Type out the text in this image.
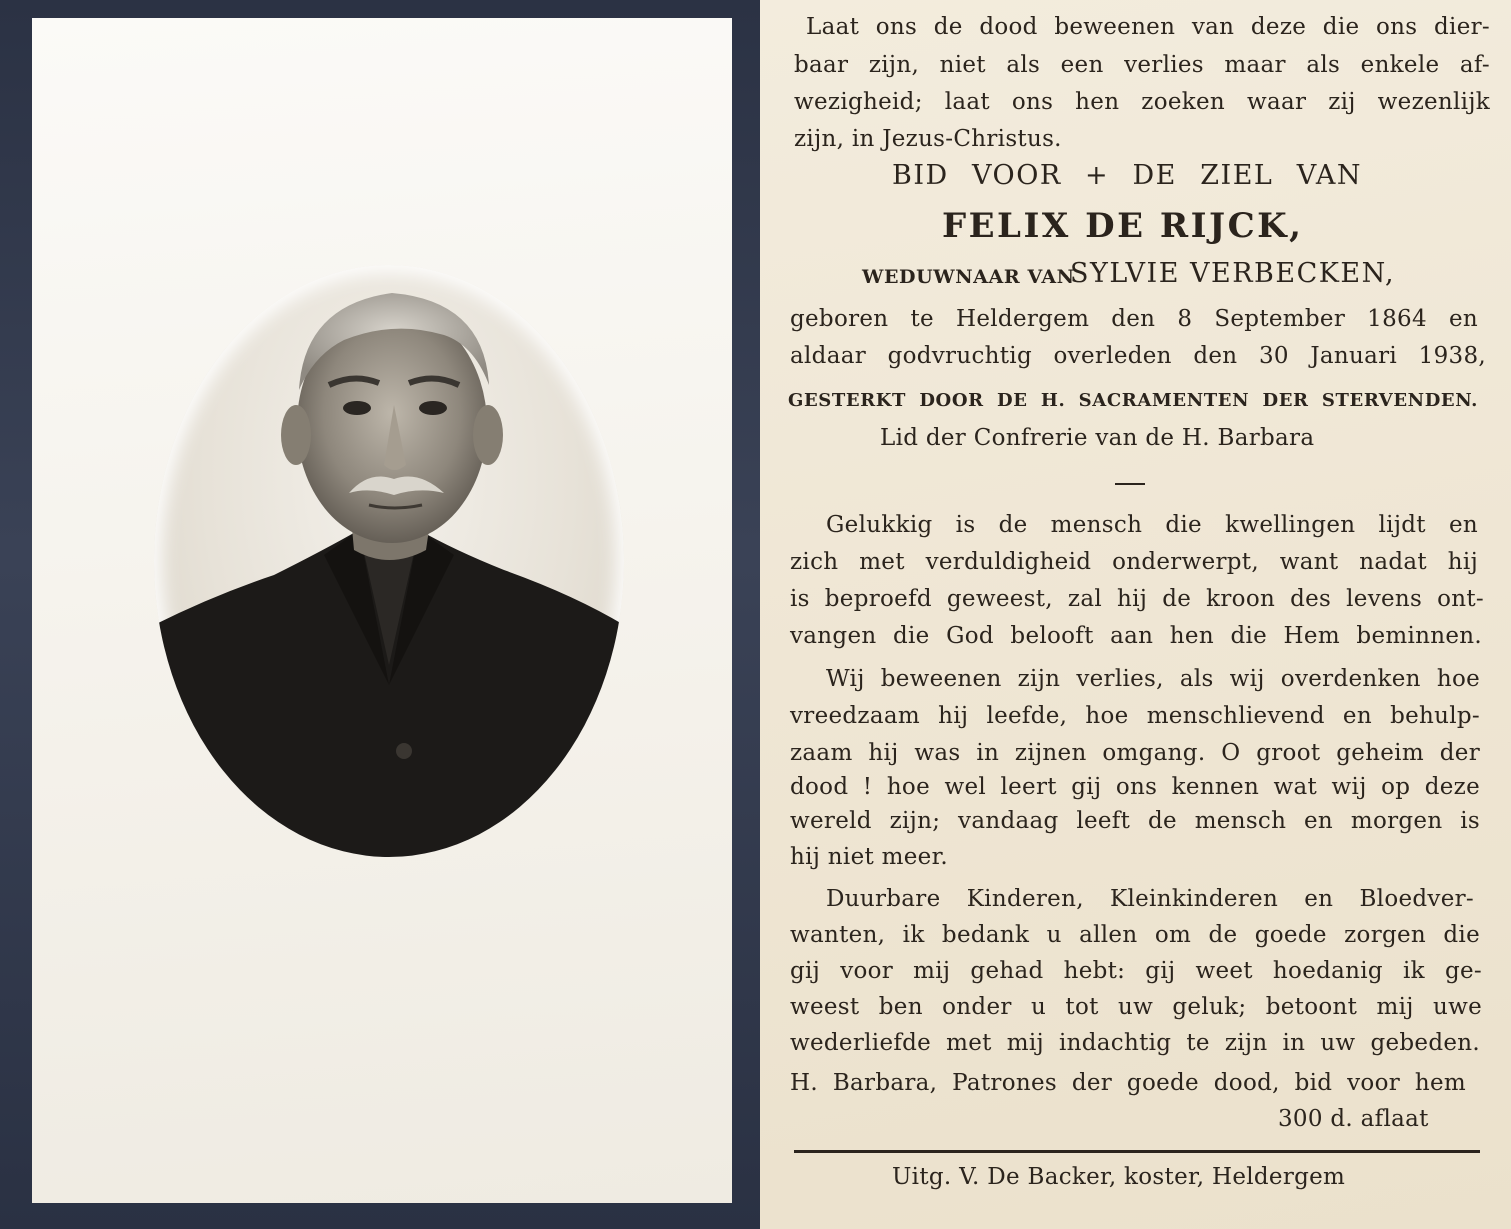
Laat ons de dood beweenen van deze die ons dier-
baar zijn, niet als een verlies maar als enkele af-
wezigheid; laat ons hen zoeken waar zij wezenlijk
zijn, in Jezus-Christus.
BID VOOR + DE ZIEL VAN
FELIX DE RIJCK,
WEDUWNAAR VAN
SYLVIE VERBECKEN,
geboren te Heldergem den 8 September 1864 en
aldaar godvruchtig overleden den 30 Januari 1938,
GESTERKT DOOR DE H. SACRAMENTEN DER STERVENDEN.
Lid der Confrerie van de H. Barbara
Gelukkig is de mensch die kwellingen lijdt en
zich met verduldigheid onderwerpt, want nadat hij
is beproefd geweest, zal hij de kroon des levens ont-
vangen die God belooft aan hen die Hem beminnen.
Wij beweenen zijn verlies, als wij overdenken hoe
vreedzaam hij leefde, hoe menschlievend en behulp-
zaam hij was in zijnen omgang. O groot geheim der
dood ! hoe wel leert gij ons kennen wat wij op deze
wereld zijn; vandaag leeft de mensch en morgen is
hij niet meer.
Duurbare Kinderen, Kleinkinderen en Bloedver-
wanten, ik bedank u allen om de goede zorgen die
gij voor mij gehad hebt: gij weet hoedanig ik ge-
weest ben onder u tot uw geluk; betoont mij uwe
wederliefde met mij indachtig te zijn in uw gebeden.
H. Barbara, Patrones der goede dood, bid voor hem
300 d. aflaat
Uitg. V. De Backer, koster, Heldergem
